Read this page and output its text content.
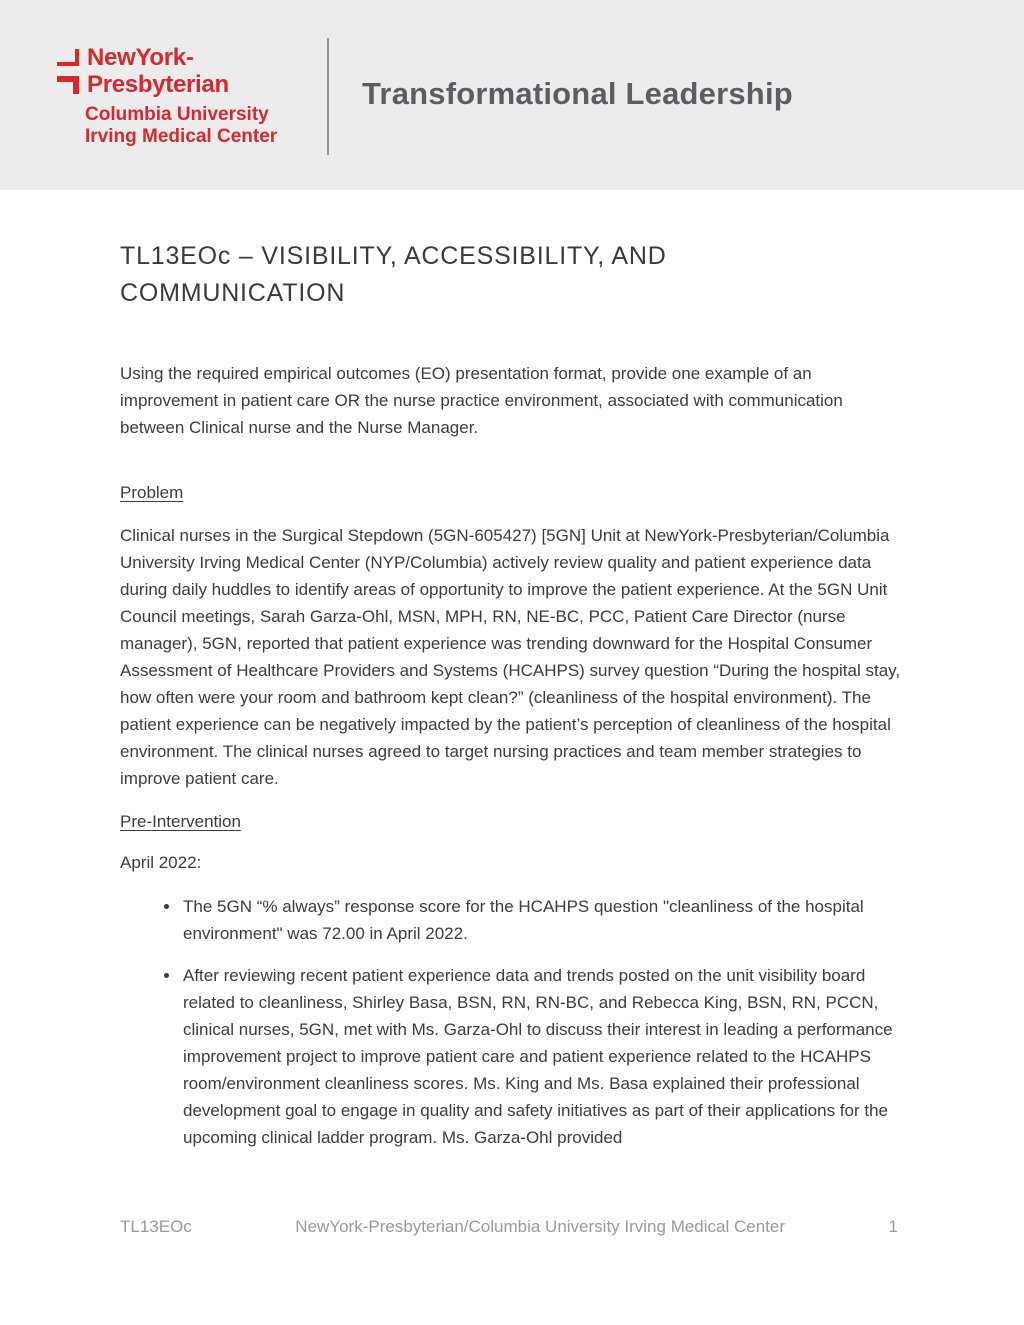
NewYork-
Presbyterian
Columbia University
Irving Medical Center
Transformational Leadership
TL13EOc – VISIBILITY, ACCESSIBILITY, AND COMMUNICATION

Using the required empirical outcomes (EO) presentation format, provide one example of an improvement in patient care OR the nurse practice environment, associated with communication between Clinical nurse and the Nurse Manager.

Problem

Clinical nurses in the Surgical Stepdown (5GN-605427) [5GN] Unit at NewYork-Presbyterian/Columbia University Irving Medical Center (NYP/Columbia) actively review quality and patient experience data during daily huddles to identify areas of opportunity to improve the patient experience. At the 5GN Unit Council meetings, Sarah Garza-Ohl, MSN, MPH, RN, NE-BC, PCC, Patient Care Director (nurse manager), 5GN, reported that patient experience was trending downward for the Hospital Consumer Assessment of Healthcare Providers and Systems (HCAHPS) survey question “During the hospital stay, how often were your room and bathroom kept clean?” (cleanliness of the hospital environment). The patient experience can be negatively impacted by the patient’s perception of cleanliness of the hospital environment. The clinical nurses agreed to target nursing practices and team member strategies to improve patient care.

Pre-Intervention

April 2022:

• The 5GN “% always” response score for the HCAHPS question "cleanliness of the hospital environment" was 72.00 in April 2022.
• After reviewing recent patient experience data and trends posted on the unit visibility board related to cleanliness, Shirley Basa, BSN, RN, RN-BC, and Rebecca King, BSN, RN, PCCN, clinical nurses, 5GN, met with Ms. Garza-Ohl to discuss their interest in leading a performance improvement project to improve patient care and patient experience related to the HCAHPS room/environment cleanliness scores. Ms. King and Ms. Basa explained their professional development goal to engage in quality and safety initiatives as part of their applications for the upcoming clinical ladder program. Ms. Garza-Ohl provided
TL13EOc	NewYork-Presbyterian/Columbia University Irving Medical Center	1
